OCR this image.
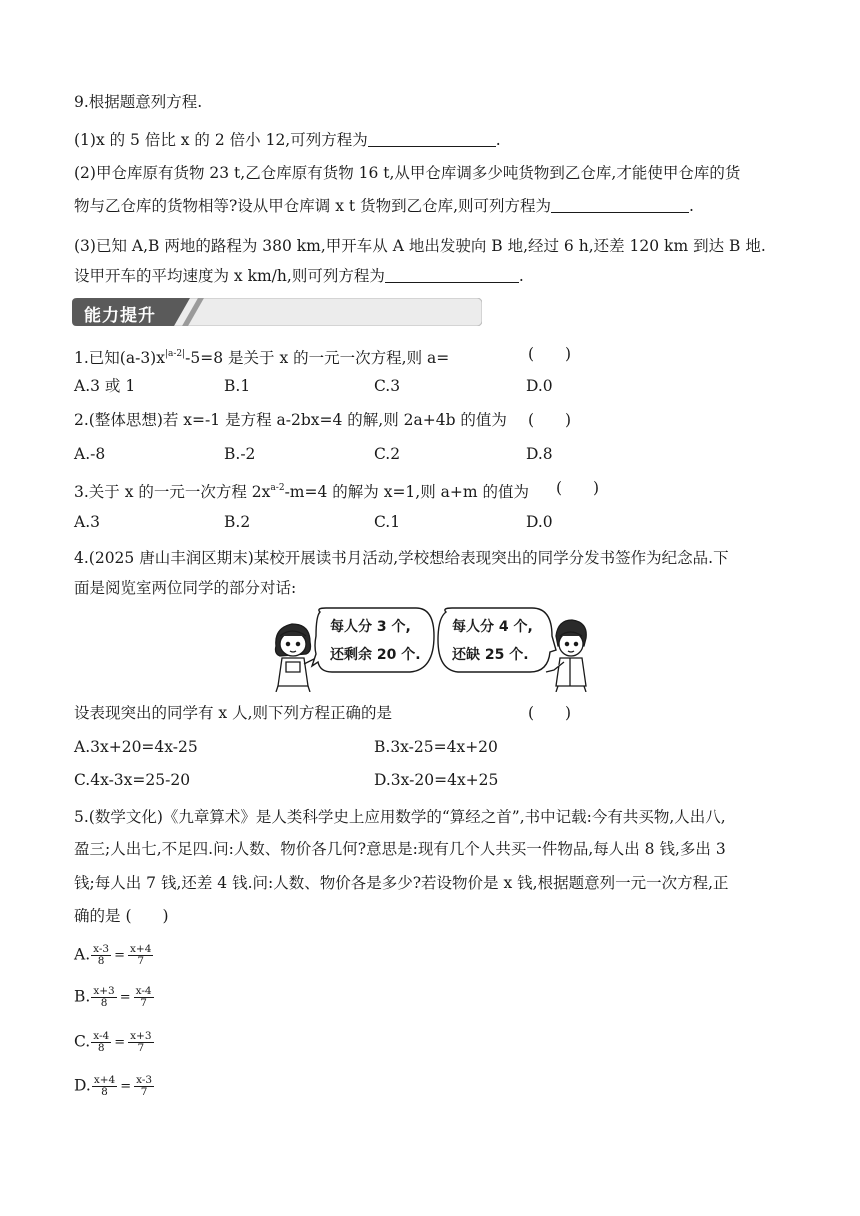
9.根据题意列方程.
(1)x 的 5 倍比 x 的 2 倍小 12,可列方程为	.
(2)甲仓库原有货物 23 t,乙仓库原有货物 16 t,从甲仓库调多少吨货物到乙仓库,才能使甲仓库的货
物与乙仓库的货物相等?设从甲仓库调 x t 货物到乙仓库,则可列方程为	.
(3)已知 A,B 两地的路程为 380 km,甲开车从 A 地出发驶向 B 地,经过 6 h,还差 120 km 到达 B 地.
设甲开车的平均速度为 x km/h,则可列方程为	.
能力提升
1.已知$(a-3)x^{|a-2|}-5=8$ 是关于 x 的一元一次方程,则 a=	(　　)
A.3 或 1	B.1	C.3	D.0
2.(整体思想)若 x=-1 是方程 a-2bx=4 的解,则 2a+4b 的值为 (　　)
A.-8	B.-2	C.2	D.8
3.关于 x 的一元一次方程 $2x^{a-2}-m=4$ 的解为 x=1,则 a+m 的值为 (　　)
A.3	B.2	C.1	D.0
4.(2025 唐山丰润区期末)某校开展读书月活动,学校想给表现突出的同学分发书签作为纪念品.下
面是阅览室两位同学的部分对话:
每人分 3 个,
还剩余 20 个.
每人分 4 个,
还缺 25 个.
设表现突出的同学有 x 人,则下列方程正确的是	(　　)
A.3x+20=4x-25	B.3x-25=4x+20
C.4x-3x=25-20	D.3x-20=4x+25
5.(数学文化)《九章算术》是人类科学史上应用数学的“算经之首”,书中记载:今有共买物,人出八,
盈三;人出七,不足四.问:人数、物价各几何?意思是:现有几个人共买一件物品,每人出 8 钱,多出 3
钱;每人出 7 钱,还差 4 钱.问:人数、物价各是多少?若设物价是 x 钱,根据题意列一元一次方程,正
确的是 (　　)
A. $\frac{x-3}{8} = \frac{x+4}{7}$
B. $\frac{x+3}{8} = \frac{x-4}{7}$
C. $\frac{x-4}{8} = \frac{x+3}{7}$
D. $\frac{x+4}{8} = \frac{x-3}{7}$
